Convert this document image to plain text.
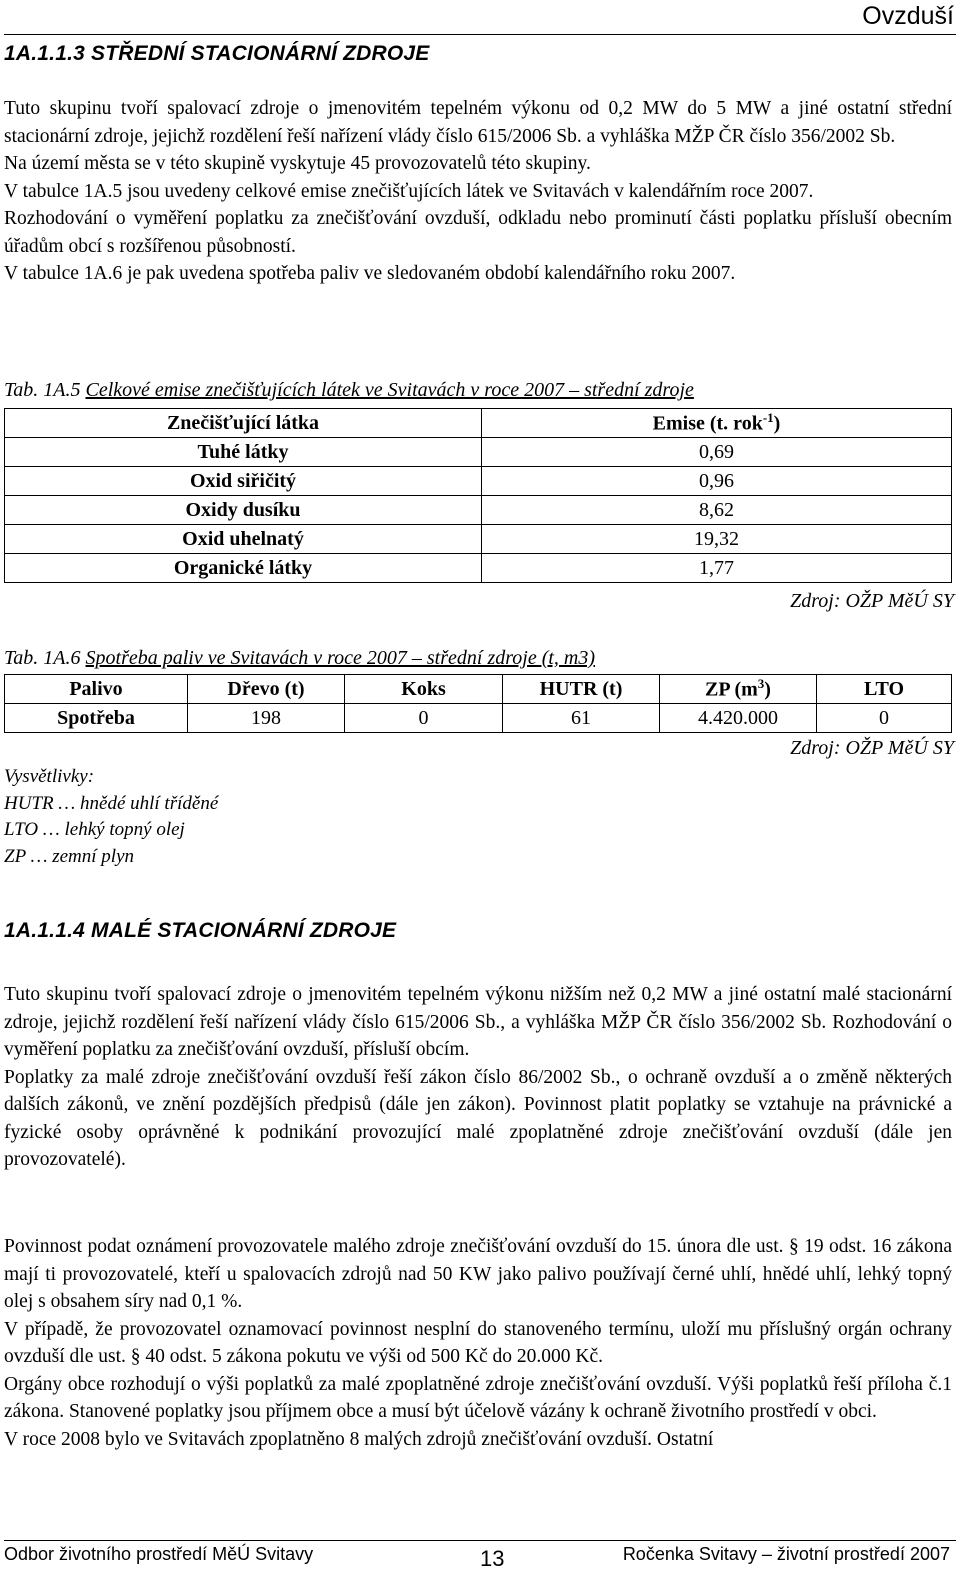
Ovzduší
1A.1.1.3 STŘEDNÍ STACIONÁRNÍ ZDROJE

Tuto skupinu tvoří spalovací zdroje o jmenovitém tepelném výkonu od 0,2 MW do 5 MW a jiné ostatní střední stacionární zdroje, jejichž rozdělení řeší nařízení vlády číslo 615/2006 Sb. a vyhláška MŽP ČR číslo 356/2002 Sb.

Na území města se v této skupině vyskytuje 45 provozovatelů této skupiny.

V tabulce 1A.5 jsou uvedeny celkové emise znečišťujících látek ve Svitavách v kalendářním roce 2007.

Rozhodování o vyměření poplatku za znečišťování ovzduší, odkladu nebo prominutí části poplatku přísluší obecním úřadům obcí s rozšířenou působností.

V tabulce 1A.6 je pak uvedena spotřeba paliv ve sledovaném období kalendářního roku 2007.

Tab. 1A.5 Celkové emise znečišťujících látek ve Svitavách v roce 2007 – střední zdroje
Znečišťující látka	Emise (t. rok$^{-1}$)
Tuhé látky	0,69
Oxid siřičitý	0,96
Oxidy dusíku	8,62
Oxid uhelnatý	19,32
Organické látky	1,77
Zdroj: OŽP MěÚ SY
Tab. 1A.6 Spotřeba paliv ve Svitavách v roce 2007 – střední zdroje (t, m3)
Palivo	Dřevo (t)	Koks	HUTR (t)	ZP $(m^3)$	LTO
Spotřeba	198	0	61	4.420.000	0
Zdroj: OŽP MěÚ SY
Vysvětlivky:
HUTR … hnědé uhlí tříděné
LTO … lehký topný olej
ZP … zemní plyn
1A.1.1.4 MALÉ STACIONÁRNÍ ZDROJE

Tuto skupinu tvoří spalovací zdroje o jmenovitém tepelném výkonu nižším než 0,2 MW a jiné ostatní malé stacionární zdroje, jejichž rozdělení řeší nařízení vlády číslo 615/2006 Sb., a vyhláška MŽP ČR číslo 356/2002 Sb. Rozhodování o vyměření poplatku za znečišťování ovzduší, přísluší obcím.

Poplatky za malé zdroje znečišťování ovzduší řeší zákon číslo 86/2002 Sb., o ochraně ovzduší a o změně některých dalších zákonů, ve znění pozdějších předpisů (dále jen zákon). Povinnost platit poplatky se vztahuje na právnické a fyzické osoby oprávněné k podnikání provozující malé zpoplatněné zdroje znečišťování ovzduší (dále jen provozovatelé).

Povinnost podat oznámení provozovatele malého zdroje znečišťování ovzduší do 15. února dle ust. § 19 odst. 16 zákona mají ti provozovatelé, kteří u spalovacích zdrojů nad 50 KW jako palivo používají černé uhlí, hnědé uhlí, lehký topný olej s obsahem síry nad 0,1 %.

V případě, že provozovatel oznamovací povinnost nesplní do stanoveného termínu, uloží mu příslušný orgán ochrany ovzduší dle ust. § 40 odst. 5 zákona pokutu ve výši od 500 Kč do 20.000 Kč.

Orgány obce rozhodují o výši poplatků za malé zpoplatněné zdroje znečišťování ovzduší. Výši poplatků řeší příloha č.1 zákona. Stanovené poplatky jsou příjmem obce a musí být účelově vázány k ochraně životního prostředí v obci.

V roce 2008 bylo ve Svitavách zpoplatněno 8 malých zdrojů znečišťování ovzduší. Ostatní

Odbor životního prostředí MěÚ Svitavy	13	Ročenka Svitavy – životní prostředí 2007
